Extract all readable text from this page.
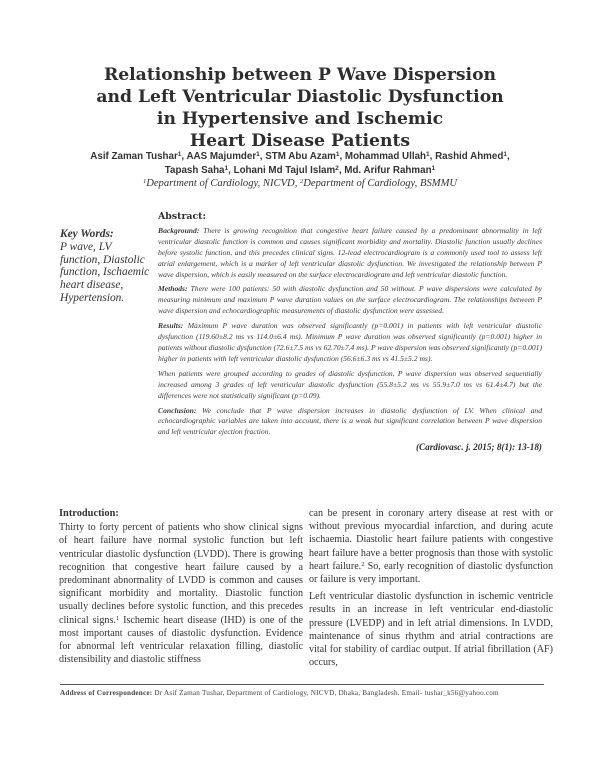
Relationship between P Wave Dispersion
and Left Ventricular Diastolic Dysfunction
in Hypertensive and Ischemic
Heart Disease Patients
Asif Zaman Tushar$^1$, AAS Majumder$^1$, STM Abu Azam$^1$, Mohammad Ullah$^1$, Rashid Ahmed$^1$,
Tapash Saha$^1$, Lohani Md Tajul Islam$^2$, Md. Arifur Rahman$^1$
$^1$Department of Cardiology, NICVD, $^2$Department of Cardiology, BSMMU
Key Words:
P wave, LV function, Diastolic function, Ischaemic heart disease, Hypertension.
Abstract:

Background: There is growing recognition that congestive heart failure caused by a predominant abnormality in left ventricular diastolic function is common and causes significant morbidity and mortality. Diastolic function usually declines before systolic function, and this precedes clinical signs. 12-lead electrocardiogram is a commonly used tool to assess left atrial enlargement, which is a marker of left ventricular diastolic dysfunction. We investigated the relationship between P wave dispersion, which is easily measured on the surface electrocardiogram and left ventricular diastolic function.

Methods: There were 100 patients: 50 with diastolic dysfunction and 50 without. P wave dispersions were calculated by measuring minimum and maximum P wave duration values on the surface electrocardiogram. The relationships between P wave dispersion and echocardiographic measurements of diastolic dysfunction were assessed.

Results: Maximum P wave duration was observed significantly (p=0.001) in patients with left ventricular diastolic dysfunction (119.60±8.2 ms vs 114.0±6.4 ms). Minimum P wave duration was observed significantly (p=0.001) higher in patients without diastolic dysfunction (72.6±7.5 ms vs 62.70±7.4 ms). P wave dispersion was observed significantly (p=0.001) higher in patients with left ventricular diastolic dysfunction (56.6±6.3 ms vs 41.5±5.2 ms).

When patients were grouped according to grades of diastolic dysfunction, P wave dispersion was observed sequentially increased among 3 grades of left ventricular diastolic dysfunction (55.8±5.2 ms vs 55.9±7.0 ms vs 61.4±4.7) but the differences were not statistically significant (p=0.09).

Conclusion: We conclude that P wave dispersion increases in diastolic dysfunction of LV. When clinical and echocardiographic variables are taken into account, there is a weak but significant correlation between P wave dispersion and left ventricular ejection fraction.

(Cardiovasc. j. 2015; 8(1): 13-18)
Introduction:

Thirty to forty percent of patients who show clinical signs of heart failure have normal systolic function but left ventricular diastolic dysfunction (LVDD). There is growing recognition that congestive heart failure caused by a predominant abnormality of LVDD is common and causes significant morbidity and mortality. Diastolic function usually declines before systolic function, and this precedes clinical signs.$^1$ Ischemic heart disease (IHD) is one of the most important causes of diastolic dysfunction. Evidence for abnormal left ventricular relaxation filling, diastolic distensibility and diastolic stiffness

can be present in coronary artery disease at rest with or without previous myocardial infarction, and during acute ischaemia. Diastolic heart failure patients with congestive heart failure have a better prognosis than those with systolic heart failure.$^2$ So, early recognition of diastolic dysfunction or failure is very important.

Left ventricular diastolic dysfunction in ischemic ventricle results in an increase in left ventricular end-diastolic pressure (LVEDP) and in left atrial dimensions. In LVDD, maintenance of sinus rhythm and atrial contractions are vital for stability of cardiac output. If atrial fibrillation (AF) occurs,

Address of Correspondence: Dr Asif Zaman Tushar, Department of Cardiology, NICVD, Dhaka, Bangladesh. Email- tushar_k56@yahoo.com
